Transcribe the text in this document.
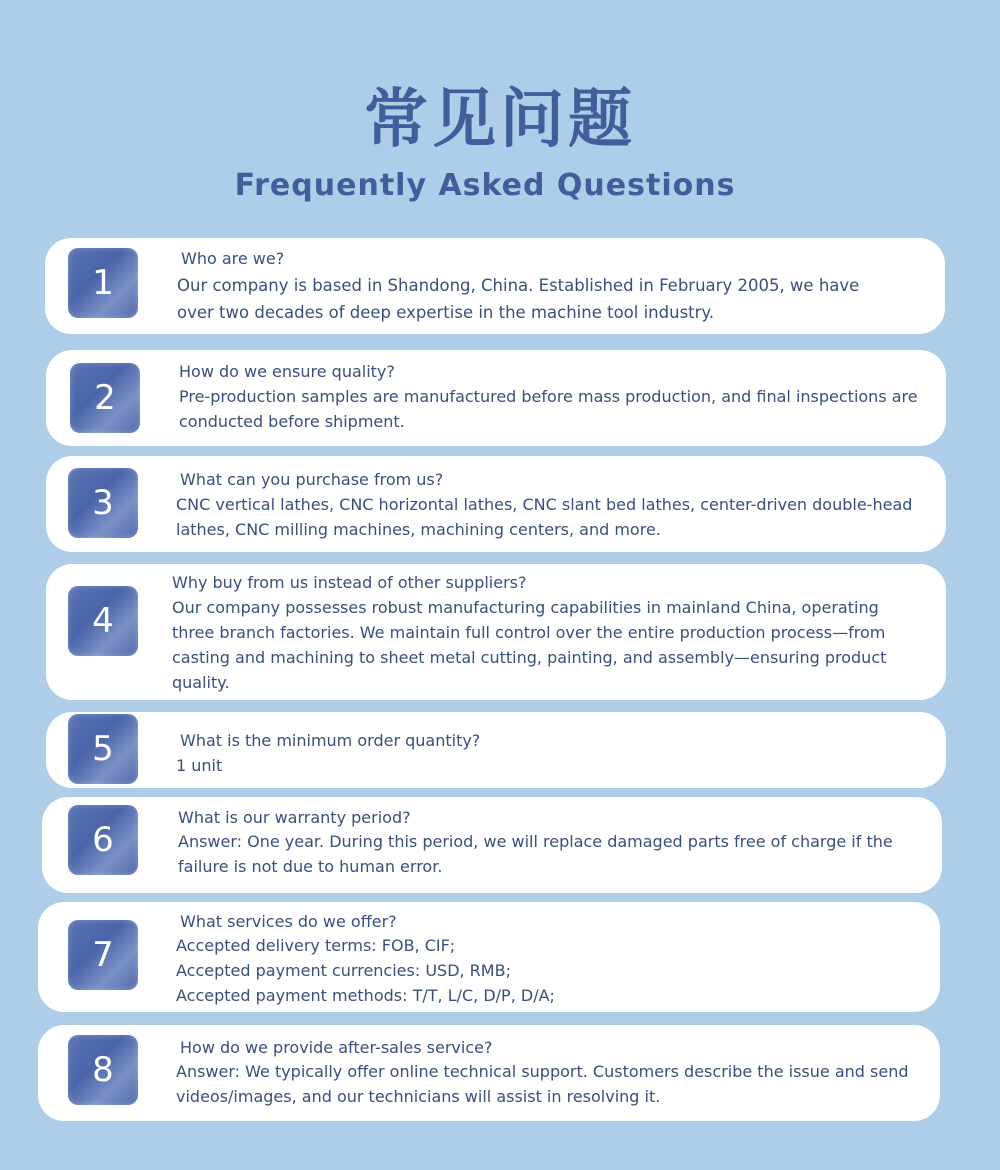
常见问题
Frequently Asked Questions
1
Who are we?
Our company is based in Shandong, China. Established in February 2005, we have over two decades of deep expertise in the machine tool industry.
2
How do we ensure quality?
Pre-production samples are manufactured before mass production, and final inspections are conducted before shipment.
3
What can you purchase from us?
CNC vertical lathes, CNC horizontal lathes, CNC slant bed lathes, center-driven double-head lathes, CNC milling machines, machining centers, and more.
4
Why buy from us instead of other suppliers?
Our company possesses robust manufacturing capabilities in mainland China, operating three branch factories. We maintain full control over the entire production process—from casting and machining to sheet metal cutting, painting, and assembly—ensuring product quality.
5	What is the minimum order quantity?
1 unit
6
What is our warranty period?
Answer: One year. During this period, we will replace damaged parts free of charge if the failure is not due to human error.
7
What services do we offer?
Accepted delivery terms: FOB, CIF;
Accepted payment currencies: USD, RMB;
Accepted payment methods: T/T, L/C, D/P, D/A;
8
How do we provide after-sales service?
Answer: We typically offer online technical support. Customers describe the issue and send videos/images, and our technicians will assist in resolving it.
